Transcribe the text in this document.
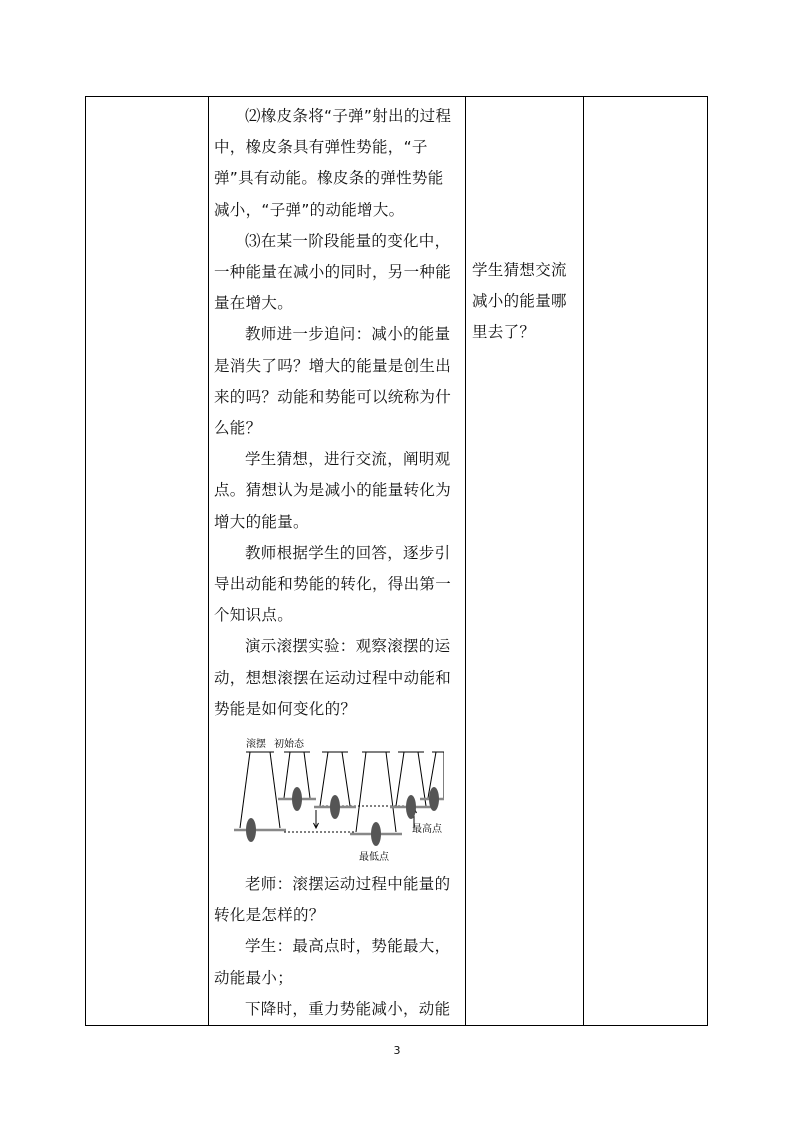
⑵橡皮条将“子弹”射出的过程中，橡皮条具有弹性势能，“子弹”具有动能。橡皮条的弹性势能减小，“子弹”的动能增大。

⑶在某一阶段能量的变化中，一种能量在减小的同时，另一种能量在增大。

教师进一步追问：减小的能量是消失了吗？增大的能量是创生出来的吗？动能和势能可以统称为什么能？

学生猜想，进行交流，阐明观点。猜想认为是减小的能量转化为增大的能量。

教师根据学生的回答，逐步引导出动能和势能的转化，得出第一个知识点。

演示滚摆实验：观察滚摆的运动，想想滚摆在运动过程中动能和势能是如何变化的？

滚摆 初始态
最低点
最高点

老师：滚摆运动过程中能量的转化是怎样的？

学生：最高点时，势能最大，动能最小；

下降时，重力势能减小，动能

学生猜想交流减小的能量哪里去了？
3
